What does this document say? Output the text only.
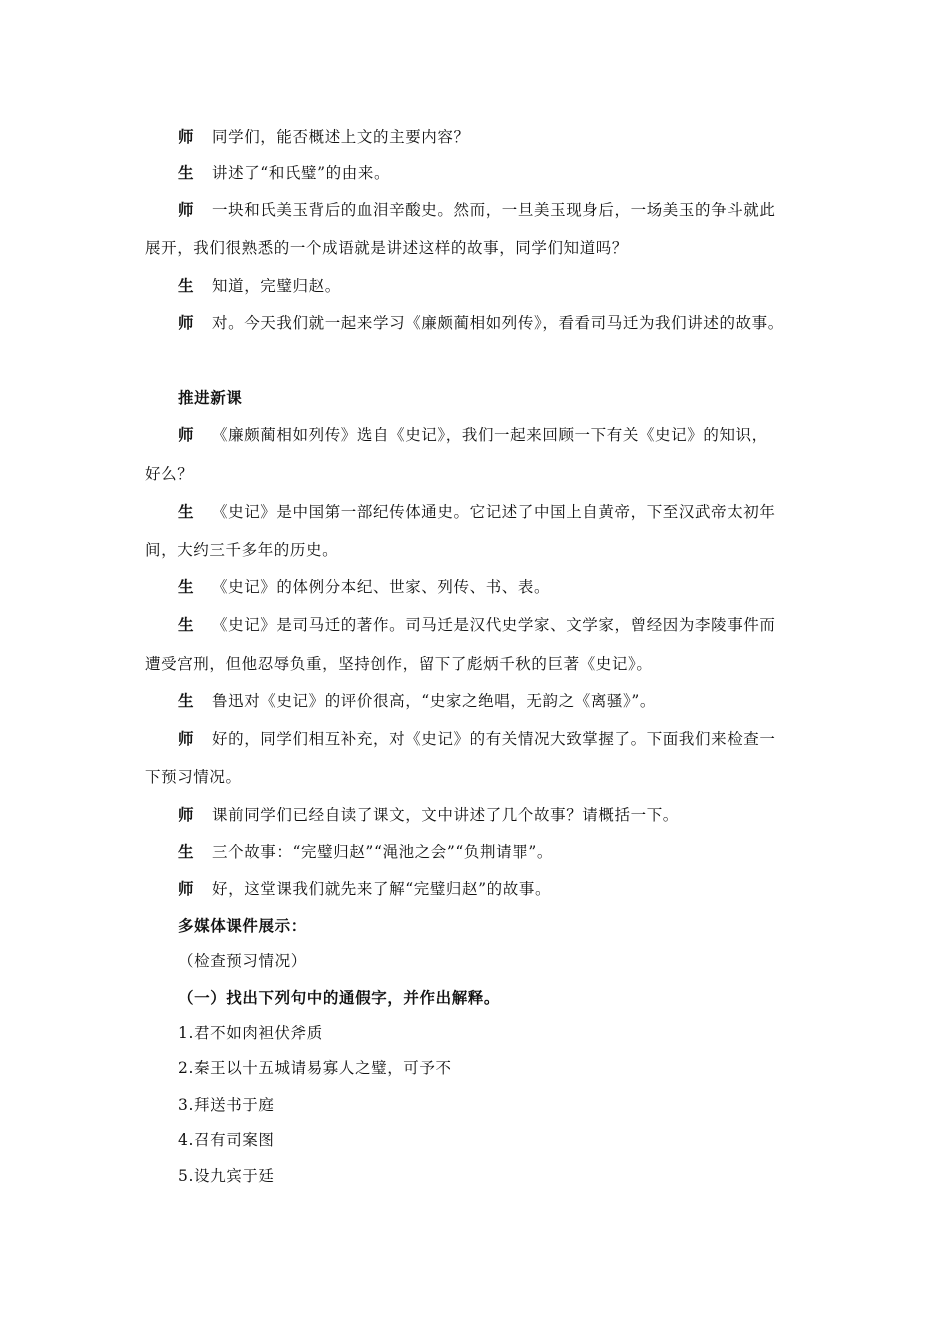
师 同学们，能否概述上文的主要内容？
生 讲述了“和氏璧”的由来。
师 一块和氏美玉背后的血泪辛酸史。然而，一旦美玉现身后，一场美玉的争斗就此
展开，我们很熟悉的一个成语就是讲述这样的故事，同学们知道吗？
生 知道，完璧归赵。
师 对。今天我们就一起来学习《廉颇蔺相如列传》，看看司马迁为我们讲述的故事。
推进新课
师 《廉颇蔺相如列传》选自《史记》，我们一起来回顾一下有关《史记》的知识，
好么？
生 《史记》是中国第一部纪传体通史。它记述了中国上自黄帝，下至汉武帝太初年
间，大约三千多年的历史。
生 《史记》的体例分本纪、世家、列传、书、表。
生 《史记》是司马迁的著作。司马迁是汉代史学家、文学家，曾经因为李陵事件而
遭受宫刑，但他忍辱负重，坚持创作，留下了彪炳千秋的巨著《史记》。
生 鲁迅对《史记》的评价很高，“史家之绝唱，无韵之《离骚》”。
师 好的，同学们相互补充，对《史记》的有关情况大致掌握了。下面我们来检查一
下预习情况。
师 课前同学们已经自读了课文，文中讲述了几个故事？请概括一下。
生 三个故事：“完璧归赵”“渑池之会”“负荆请罪”。
师 好，这堂课我们就先来了解“完璧归赵”的故事。
多媒体课件展示：
（检查预习情况）
（一）找出下列句中的通假字，并作出解释。
1.君不如肉袒伏斧质
2.秦王以十五城请易寡人之璧，可予不
3.拜送书于庭
4.召有司案图
5.设九宾于廷
